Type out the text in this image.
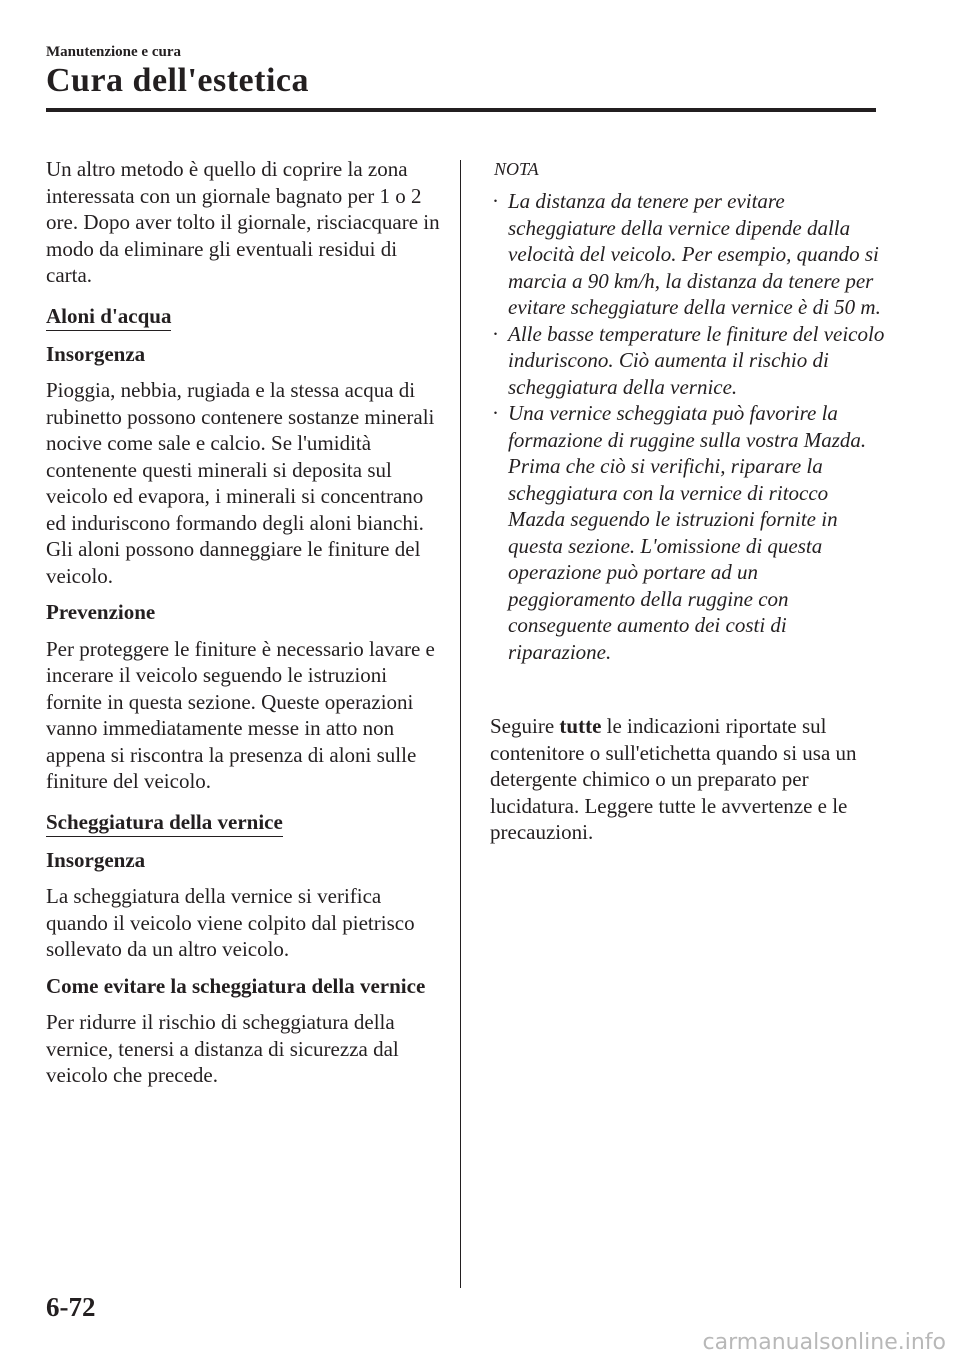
Manutenzione e cura
Cura dell'estetica

Un altro metodo è quello di coprire la zona interessata con un giornale bagnato per 1 o 2 ore. Dopo aver tolto il giornale, risciacquare in modo da eliminare gli eventuali residui di carta.

Aloni d'acqua

Insorgenza

Pioggia, nebbia, rugiada e la stessa acqua di rubinetto possono contenere sostanze minerali nocive come sale e calcio. Se l'umidità contenente questi minerali si deposita sul veicolo ed evapora, i minerali si concentrano ed induriscono formando degli aloni bianchi. Gli aloni possono danneggiare le finiture del veicolo.

Prevenzione

Per proteggere le finiture è necessario lavare e incerare il veicolo seguendo le istruzioni fornite in questa sezione. Queste operazioni vanno immediatamente messe in atto non appena si riscontra la presenza di aloni sulle finiture del veicolo.

Scheggiatura della vernice

Insorgenza

La scheggiatura della vernice si verifica quando il veicolo viene colpito dal pietrisco sollevato da un altro veicolo.

Come evitare la scheggiatura della vernice

Per ridurre il rischio di scheggiatura della vernice, tenersi a distanza di sicurezza dal veicolo che precede.

NOTA
· La distanza da tenere per evitare scheggiature della vernice dipende dalla velocità del veicolo. Per esempio, quando si marcia a 90 km/h, la distanza da tenere per evitare scheggiature della vernice è di 50 m.
· Alle basse temperature le finiture del veicolo induriscono. Ciò aumenta il rischio di scheggiatura della vernice.
· Una vernice scheggiata può favorire la formazione di ruggine sulla vostra Mazda. Prima che ciò si verifichi, riparare la scheggiatura con la vernice di ritocco Mazda seguendo le istruzioni fornite in questa sezione. L'omissione di questa operazione può portare ad un peggioramento della ruggine con conseguente aumento dei costi di riparazione.

Seguire tutte le indicazioni riportate sul contenitore o sull'etichetta quando si usa un detergente chimico o un preparato per lucidatura. Leggere tutte le avvertenze e le precauzioni.

6-72
carmanualsonline.info
